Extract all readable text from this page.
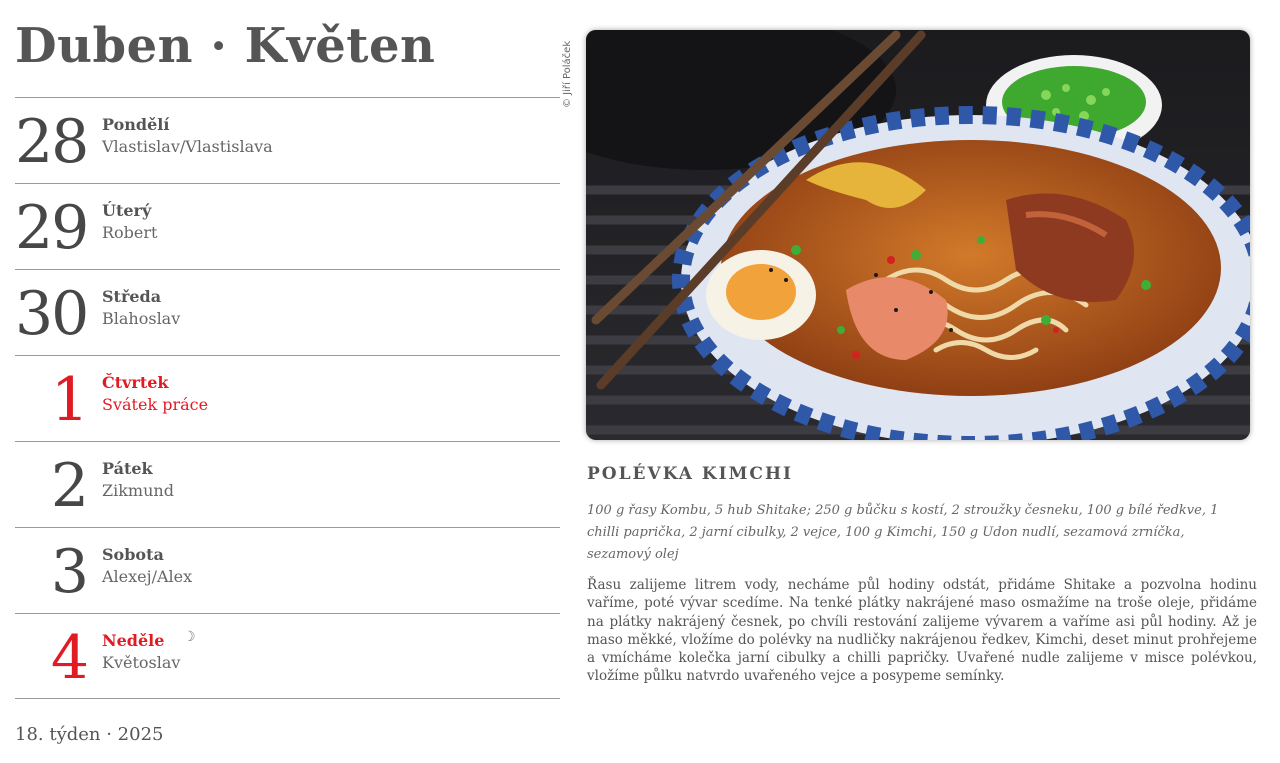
Duben · Květen
28 Pondělí
Vlastislav/Vlastislava
29 Úterý
Robert
30 Středa
Blahoslav
1 Čtvrtek
Svátek práce
2 Pátek
Zikmund
3 Sobota
Alexej/Alex
4 Neděle ☽
Květoslav
18. týden · 2025
© Jiří Poláček
POLÉVKA KIMCHI

100 g řasy Kombu, 5 hub Shitake; 250 g bůčku s kostí, 2 stroužky česneku, 100 g bílé ředkve, 1 chilli paprička, 2 jarní cibulky, 2 vejce, 100 g Kimchi, 150 g Udon nudlí, sezamová zrníčka, sezamový olej

Řasu zalijeme litrem vody, necháme půl hodiny odstát, přidáme Shitake a pozvolna hodinu vaříme, poté vývar scedíme. Na tenké plátky nakrájené maso osmažíme na troše oleje, přidáme na plátky nakrájený česnek, po chvíli restování zalijeme vývarem a vaříme asi půl hodiny. Až je maso měkké, vložíme do polévky na nudličky nakrájenou ředkev, Kimchi, deset minut prohřejeme a vmícháme kolečka jarní cibulky a chilli papričky. Uvařené nudle zalijeme v misce polévkou, vložíme půlku natvrdo uvařeného vejce a posypeme semínky.
